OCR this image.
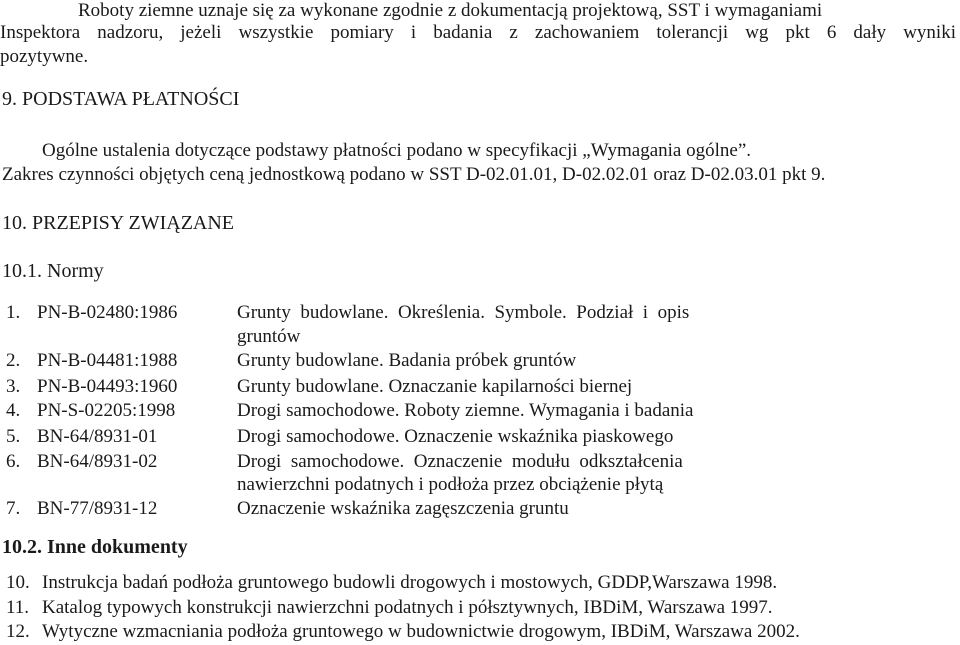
Roboty ziemne uznaje się za wykonane zgodnie z dokumentacją projektową, SST i wymaganiami
Inspektora nadzoru, jeżeli wszystkie pomiary i badania z zachowaniem tolerancji wg pkt 6 dały wyniki
pozytywne.
9. PODSTAWA PŁATNOŚCI
Ogólne ustalenia dotyczące podstawy płatności podano w specyfikacji „Wymagania ogólne”.
Zakres czynności objętych ceną jednostkową podano w SST D-02.01.01, D-02.02.01 oraz D-02.03.01 pkt 9.
10. PRZEPISY ZWIĄZANE
10.1. Normy
1. PN-B-02480:1986	Grunty  budowlane.  Określenia.  Symbole.  Podział  i  opis
gruntów
2. PN-B-04481:1988	Grunty budowlane. Badania próbek gruntów
3. PN-B-04493:1960	Grunty budowlane. Oznaczanie kapilarności biernej
4. PN-S-02205:1998	Drogi samochodowe. Roboty ziemne. Wymagania i badania
5. BN-64/8931-01	Drogi samochodowe. Oznaczenie wskaźnika piaskowego
6. BN-64/8931-02	Drogi  samochodowe.  Oznaczenie  modułu  odkształcenia
nawierzchni podatnych i podłoża przez obciążenie płytą
7. BN-77/8931-12	Oznaczenie wskaźnika zagęszczenia gruntu
10.2. Inne dokumenty
10. Instrukcja badań podłoża gruntowego budowli drogowych i mostowych, GDDP,Warszawa 1998.
11. Katalog typowych konstrukcji nawierzchni podatnych i półsztywnych, IBDiM, Warszawa 1997.
12. Wytyczne wzmacniania podłoża gruntowego w budownictwie drogowym, IBDiM, Warszawa 2002.
